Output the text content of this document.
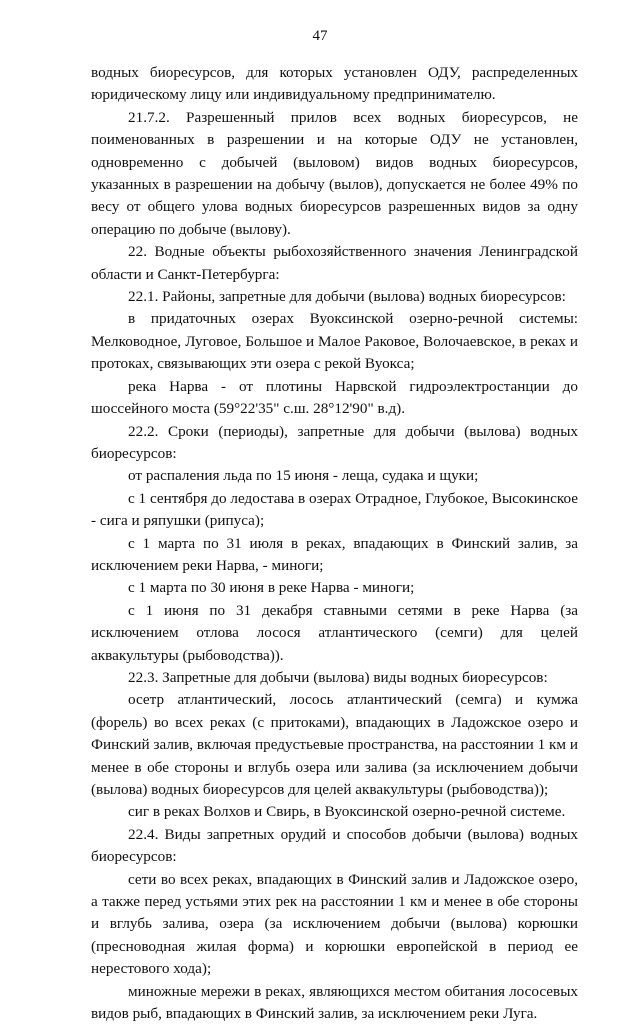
47

водных биоресурсов, для которых установлен ОДУ, распределенных юридическому лицу или индивидуальному предпринимателю.

21.7.2. Разрешенный прилов всех водных биоресурсов, не поименованных в разрешении и на которые ОДУ не установлен, одновременно с добычей (выловом) видов водных биоресурсов, указанных в разрешении на добычу (вылов), допускается не более 49% по весу от общего улова водных биоресурсов разрешенных видов за одну операцию по добыче (вылову).

22. Водные объекты рыбохозяйственного значения Ленинградской области и Санкт-Петербурга:

22.1. Районы, запретные для добычи (вылова) водных биоресурсов:

в придаточных озерах Вуоксинской озерно-речной системы: Мелководное, Луговое, Большое и Малое Раковое, Волочаевское, в реках и протоках, связывающих эти озера с рекой Вуокса;

река Нарва - от плотины Нарвской гидроэлектростанции до шоссейного моста (59°22'35" с.ш. 28°12'90" в.д).

22.2. Сроки (периоды), запретные для добычи (вылова) водных биоресурсов:

от распаления льда по 15 июня - леща, судака и щуки;

с 1 сентября до ледостава в озерах Отрадное, Глубокое, Высокинское - сига и ряпушки (рипуса);

с 1 марта по 31 июля в реках, впадающих в Финский залив, за исключением реки Нарва, - миноги;

с 1 марта по 30 июня в реке Нарва - миноги;

с 1 июня по 31 декабря ставными сетями в реке Нарва (за исключением отлова лосося атлантического (семги) для целей аквакультуры (рыбоводства)).

22.3. Запретные для добычи (вылова) виды водных биоресурсов:

осетр атлантический, лосось атлантический (семга) и кумжа (форель) во всех реках (с притоками), впадающих в Ладожское озеро и Финский залив, включая предустьевые пространства, на расстоянии 1 км и менее в обе стороны и вглубь озера или залива (за исключением добычи (вылова) водных биоресурсов для целей аквакультуры (рыбоводства));

сиг в реках Волхов и Свирь, в Вуоксинской озерно-речной системе.

22.4. Виды запретных орудий и способов добычи (вылова) водных биоресурсов:

сети во всех реках, впадающих в Финский залив и Ладожское озеро, а также перед устьями этих рек на расстоянии 1 км и менее в обе стороны и вглубь залива, озера (за исключением добычи (вылова) корюшки (пресноводная жилая форма) и корюшки европейской в период ее нерестового хода);

миножные мережи в реках, являющихся местом обитания лососевых видов рыб, впадающих в Финский залив, за исключением реки Луга.
